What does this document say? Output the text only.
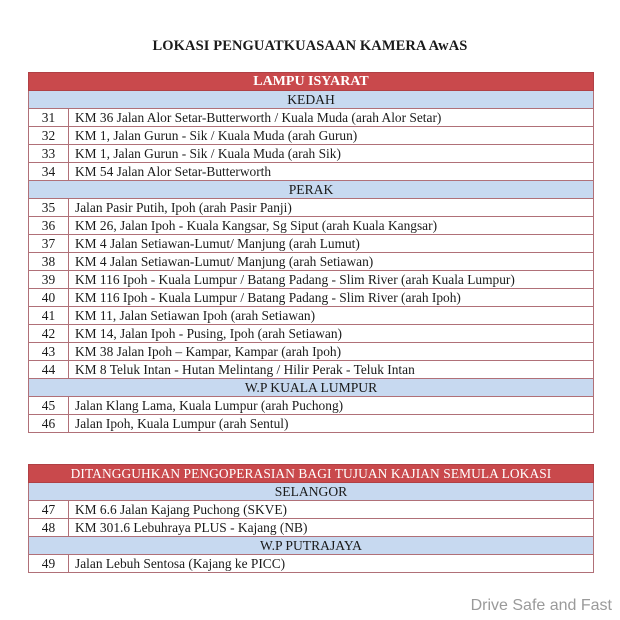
LOKASI PENGUATKUASAAN KAMERA AwAS
LAMPU ISYARAT	
KEDAH	
31	KM 36 Jalan Alor Setar-Butterworth / Kuala Muda (arah Alor Setar)
32	KM 1, Jalan Gurun - Sik / Kuala Muda (arah Gurun)
33	KM 1, Jalan Gurun - Sik / Kuala Muda (arah Sik)
34	KM 54 Jalan Alor Setar-Butterworth
PERAK	
35	Jalan Pasir Putih, Ipoh (arah Pasir Panji)
36	KM 26, Jalan Ipoh - Kuala Kangsar, Sg Siput (arah Kuala Kangsar)
37	KM 4 Jalan Setiawan-Lumut/ Manjung (arah Lumut)
38	KM 4 Jalan Setiawan-Lumut/ Manjung (arah Setiawan)
39	KM 116 Ipoh - Kuala Lumpur / Batang Padang - Slim River (arah Kuala Lumpur)
40	KM 116 Ipoh - Kuala Lumpur / Batang Padang - Slim River (arah Ipoh)
41	KM 11, Jalan Setiawan Ipoh (arah Setiawan)
42	KM 14, Jalan Ipoh - Pusing, Ipoh (arah Setiawan)
43	KM 38 Jalan Ipoh – Kampar, Kampar (arah Ipoh)
44	KM 8 Teluk Intan - Hutan Melintang / Hilir Perak - Teluk Intan
W.P KUALA LUMPUR	
45	Jalan Klang Lama, Kuala Lumpur (arah Puchong)
46	Jalan Ipoh, Kuala Lumpur (arah Sentul)
DITANGGUHKAN PENGOPERASIAN BAGI TUJUAN KAJIAN SEMULA LOKASI	
SELANGOR	
47	KM 6.6 Jalan Kajang Puchong (SKVE)
48	KM 301.6 Lebuhraya PLUS - Kajang (NB)
W.P PUTRAJAYA	
49	Jalan Lebuh Sentosa (Kajang ke PICC)
Drive Safe and Fast
